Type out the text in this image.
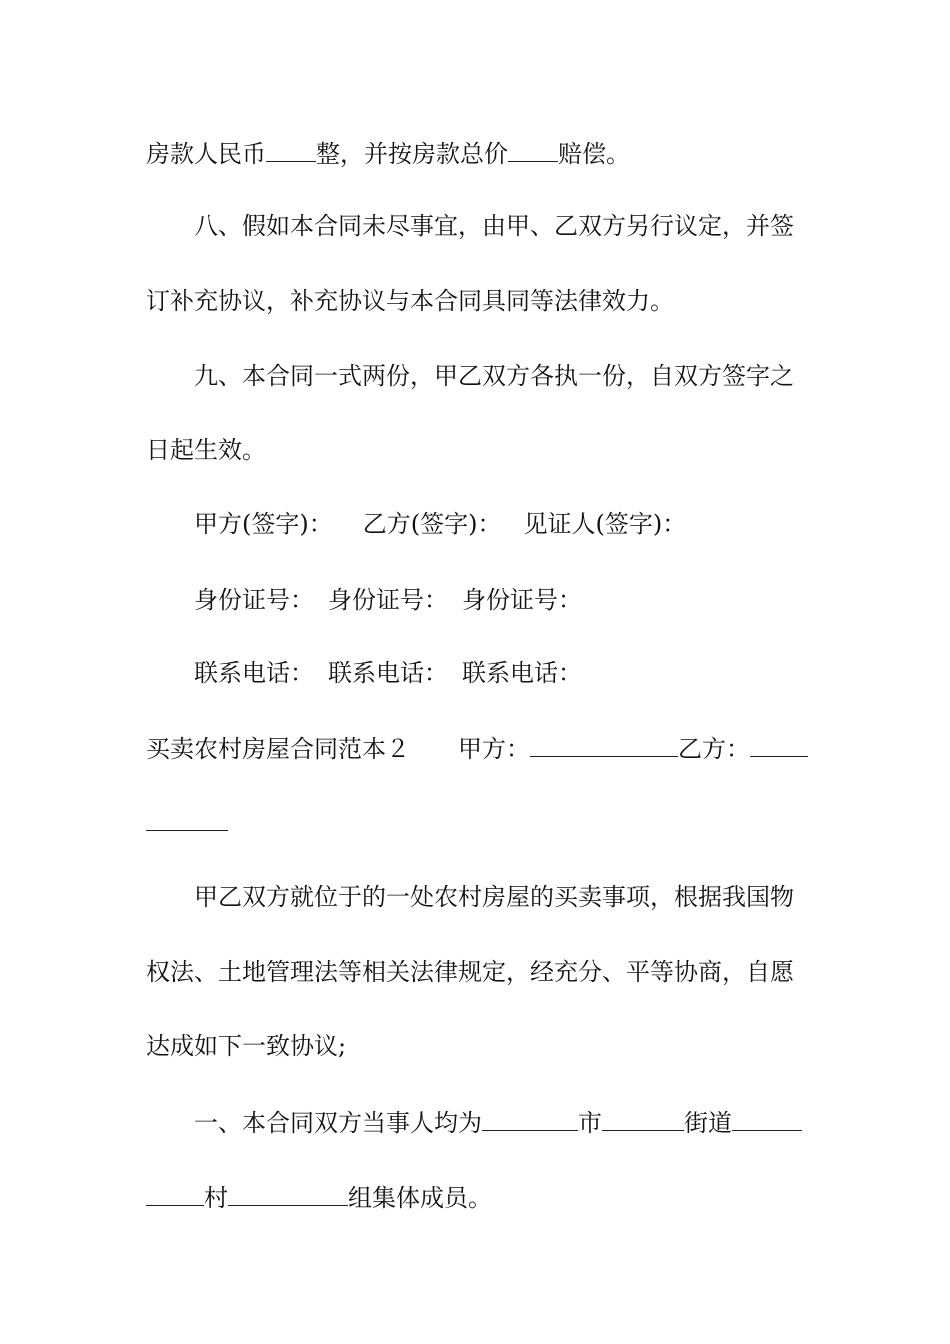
房款人民币 整，并按房款总价 赔偿。
八、假如本合同未尽事宜，由甲、乙双方另行议定，并签
订补充协议，补充协议与本合同具同等法律效力。
九、本合同一式两份，甲乙双方各执一份，自双方签字之
日起生效。
甲方(签字)： 乙方(签字)： 见证人(签字)：
身份证号： 身份证号： 身份证号：
联系电话： 联系电话： 联系电话：
买卖农村房屋合同范本２ 甲方：	乙方：
甲乙双方就位于的一处农村房屋的买卖事项，根据我国物
权法、土地管理法等相关法律规定，经充分、平等协商，自愿
达成如下一致协议;
一、本合同双方当事人均为	市	街道
村	组集体成员。
